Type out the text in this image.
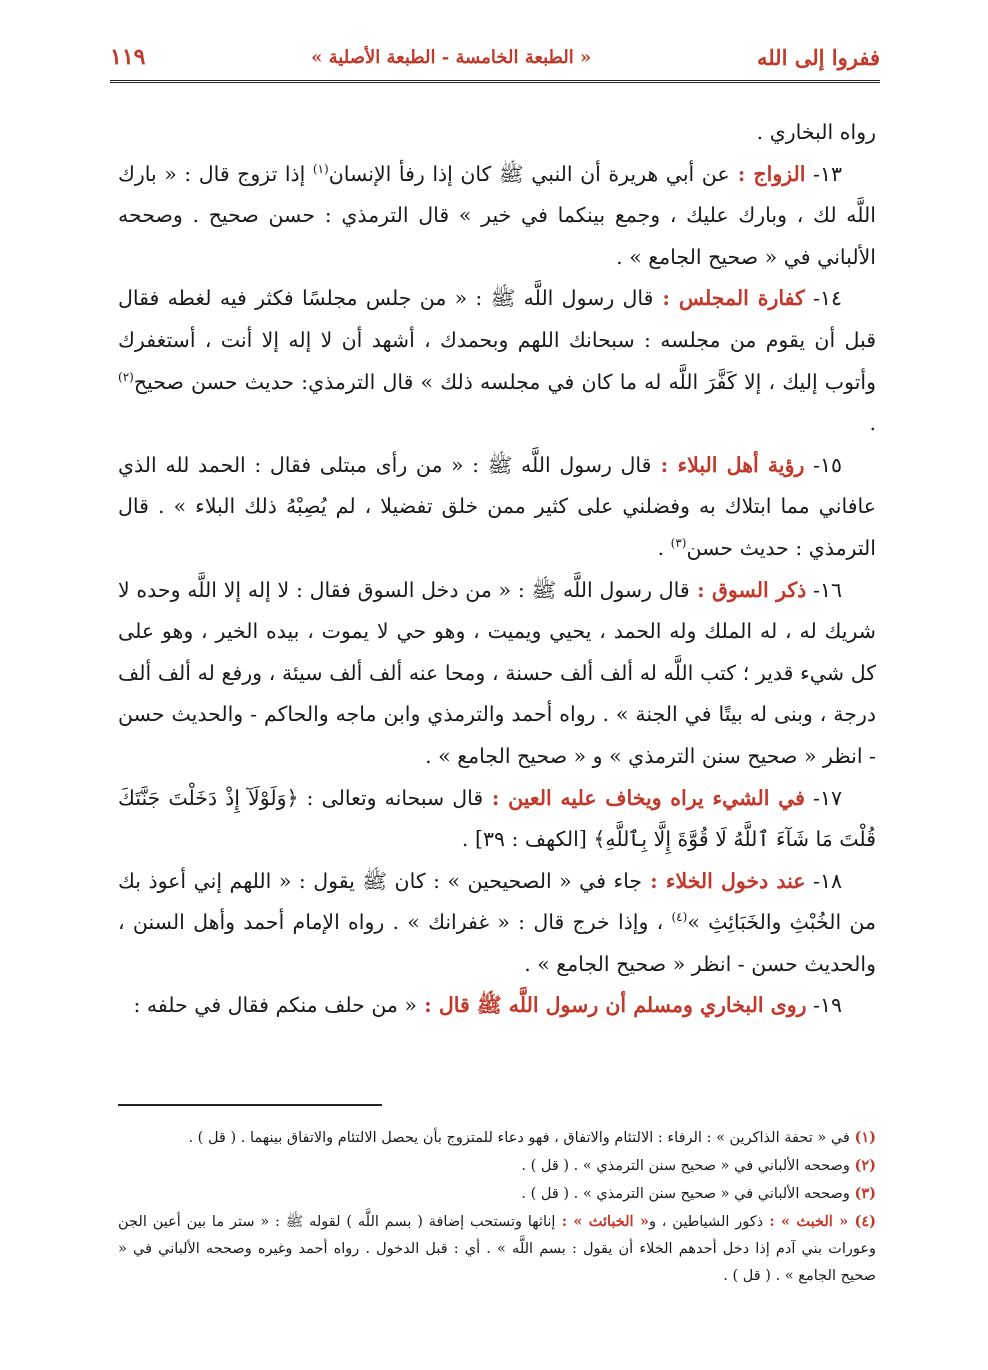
ففروا إلى الله
« الطبعة الخامسة - الطبعة الأصلية »
١١٩

رواه البخاري .

١٣- الزواج : عن أبي هريرة أن النبي ﷺ كان إذا رفأ الإنسان$^{(١)}$ إذا تزوج قال : « بارك اللَّه لك ، وبارك عليك ، وجمع بينكما في خير » قال الترمذي : حسن صحيح . وصححه الألباني في « صحيح الجامع » .

١٤- كفارة المجلس : قال رسول اللَّه ﷺ : « من جلس مجلسًا فكثر فيه لغطه فقال قبل أن يقوم من مجلسه : سبحانك اللهم وبحمدك ، أشهد أن لا إله إلا أنت ، أستغفرك وأتوب إليك ، إلا كَفَّرَ اللَّه له ما كان في مجلسه ذلك » قال الترمذي: حديث حسن صحيح$^{(٢)}$ .

١٥- رؤية أهل البلاء : قال رسول اللَّه ﷺ : « من رأى مبتلى فقال : الحمد لله الذي عافاني مما ابتلاك به وفضلني على كثير ممن خلق تفضيلا ، لم يُصِبْهُ ذلك البلاء » . قال الترمذي : حديث حسن$^{(٣)}$ .

١٦- ذكر السوق : قال رسول اللَّه ﷺ : « من دخل السوق فقال : لا إله إلا اللَّه وحده لا شريك له ، له الملك وله الحمد ، يحيي ويميت ، وهو حي لا يموت ، بيده الخير ، وهو على كل شيء قدير ؛ كتب اللَّه له ألف ألف حسنة ، ومحا عنه ألف ألف سيئة ، ورفع له ألف ألف درجة ، وبنى له بيتًا في الجنة » . رواه أحمد والترمذي وابن ماجه والحاكم - والحديث حسن - انظر « صحيح سنن الترمذي » و « صحيح الجامع » .

١٧- في الشيء يراه ويخاف عليه العين : قال سبحانه وتعالى : ﴿وَلَوْلَآ إِذْ دَخَلْتَ جَنَّتَكَ قُلْتَ مَا شَآءَ ٱللَّهُ لَا قُوَّةَ إِلَّا بِٱللَّهِ﴾ [الكهف : ٣٩] .

١٨- عند دخول الخلاء : جاء في « الصحيحين » : كان ﷺ يقول : « اللهم إني أعوذ بك من الخُبْثِ والخَبَائِثِ »$^{(٤)}$ ، وإذا خرج قال : « غفرانك » . رواه الإمام أحمد وأهل السنن ، والحديث حسن - انظر « صحيح الجامع » .

١٩- روى البخاري ومسلم أن رسول اللَّه ﷺ قال : « من حلف منكم فقال في حلفه :

(١) في « تحفة الذاكرين » : الرفاء : الالتئام والاتفاق ، فهو دعاء للمتزوج بأن يحصل الالتئام والاتفاق بينهما . ( قل ) .

(٢) وصححه الألباني في « صحيح سنن الترمذي » . ( قل ) .

(٣) وصححه الألباني في « صحيح سنن الترمذي » . ( قل ) .

(٤) « الخبث » : ذكور الشياطين ، و« الخبائث » : إناثها وتستحب إضافة ( بسم اللَّه ) لقوله ﷺ : « ستر ما بين أعين الجن وعورات بني آدم إذا دخل أحدهم الخلاء أن يقول : بسم اللَّه » . أي : قبل الدخول . رواه أحمد وغيره وصححه الألباني في « صحيح الجامع » . ( قل ) .
